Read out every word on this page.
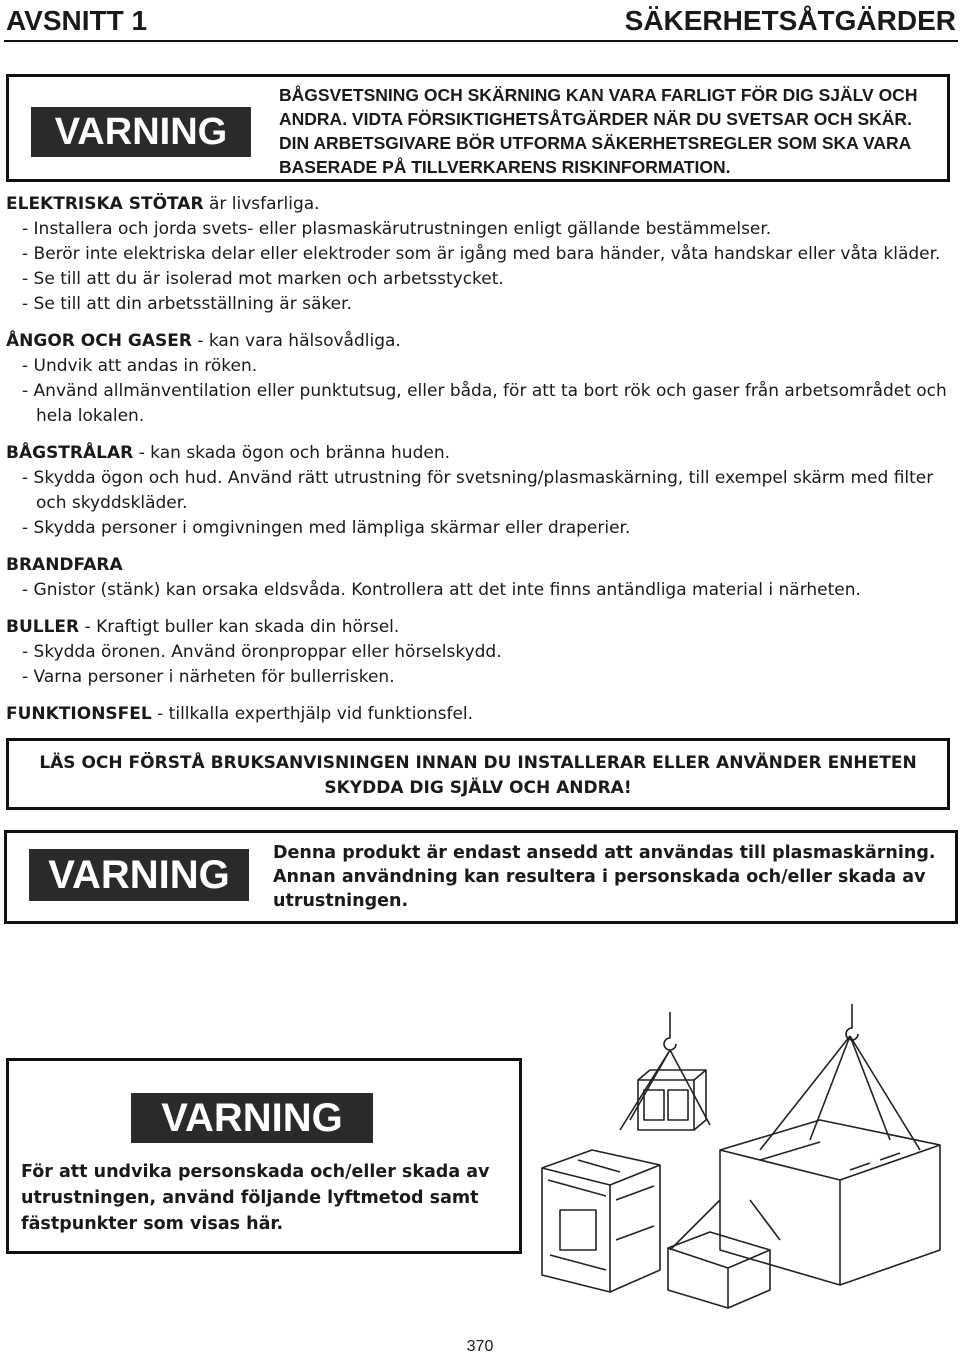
AVSNITT 1	SÄKERHETSÅTGÄRDER
VARNING
BÅGSVETSNING OCH SKÄRNING KAN VARA FARLIGT FÖR DIG SJÄLV OCH
ANDRA. VIDTA FÖRSIKTIGHETSÅTGÄRDER NÄR DU SVETSAR OCH SKÄR.
DIN ARBETSGIVARE BÖR UTFORMA SÄKERHETSREGLER SOM SKA VARA
BASERADE PÅ TILLVERKARENS RISKINFORMATION.
ELEKTRISKA STÖTAR är livsfarliga.
- Installera och jorda svets- eller plasmaskärutrustningen enligt gällande bestämmelser.
- Berör inte elektriska delar eller elektroder som är igång med bara händer, våta handskar eller våta kläder.
- Se till att du är isolerad mot marken och arbetsstycket.
- Se till att din arbetsställning är säker.
ÅNGOR OCH GASER - kan vara hälsovådliga.
- Undvik att andas in röken.
- Använd allmänventilation eller punktutsug, eller båda, för att ta bort rök och gaser från arbetsområdet och hela lokalen.
BÅGSTRÅLAR - kan skada ögon och bränna huden.
- Skydda ögon och hud. Använd rätt utrustning för svetsning/plasmaskärning, till exempel skärm med filter och skyddskläder.
- Skydda personer i omgivningen med lämpliga skärmar eller draperier.
BRANDFARA
- Gnistor (stänk) kan orsaka eldsvåda. Kontrollera att det inte finns antändliga material i närheten.
BULLER - Kraftigt buller kan skada din hörsel.
- Skydda öronen. Använd öronproppar eller hörselskydd.
- Varna personer i närheten för bullerrisken.
FUNKTIONSFEL - tillkalla experthjälp vid funktionsfel.
LÄS OCH FÖRSTÅ BRUKSANVISNINGEN INNAN DU INSTALLERAR ELLER ANVÄNDER ENHETEN
SKYDDA DIG SJÄLV OCH ANDRA!
VARNING	Denna produkt är endast ansedd att användas till plasmaskärning. Annan användning kan resultera i personskada och/eller skada av utrustningen.
VARNING
För att undvika personskada och/eller skada av utrustningen, använd följande lyftmetod samt fästpunkter som visas här.
370
